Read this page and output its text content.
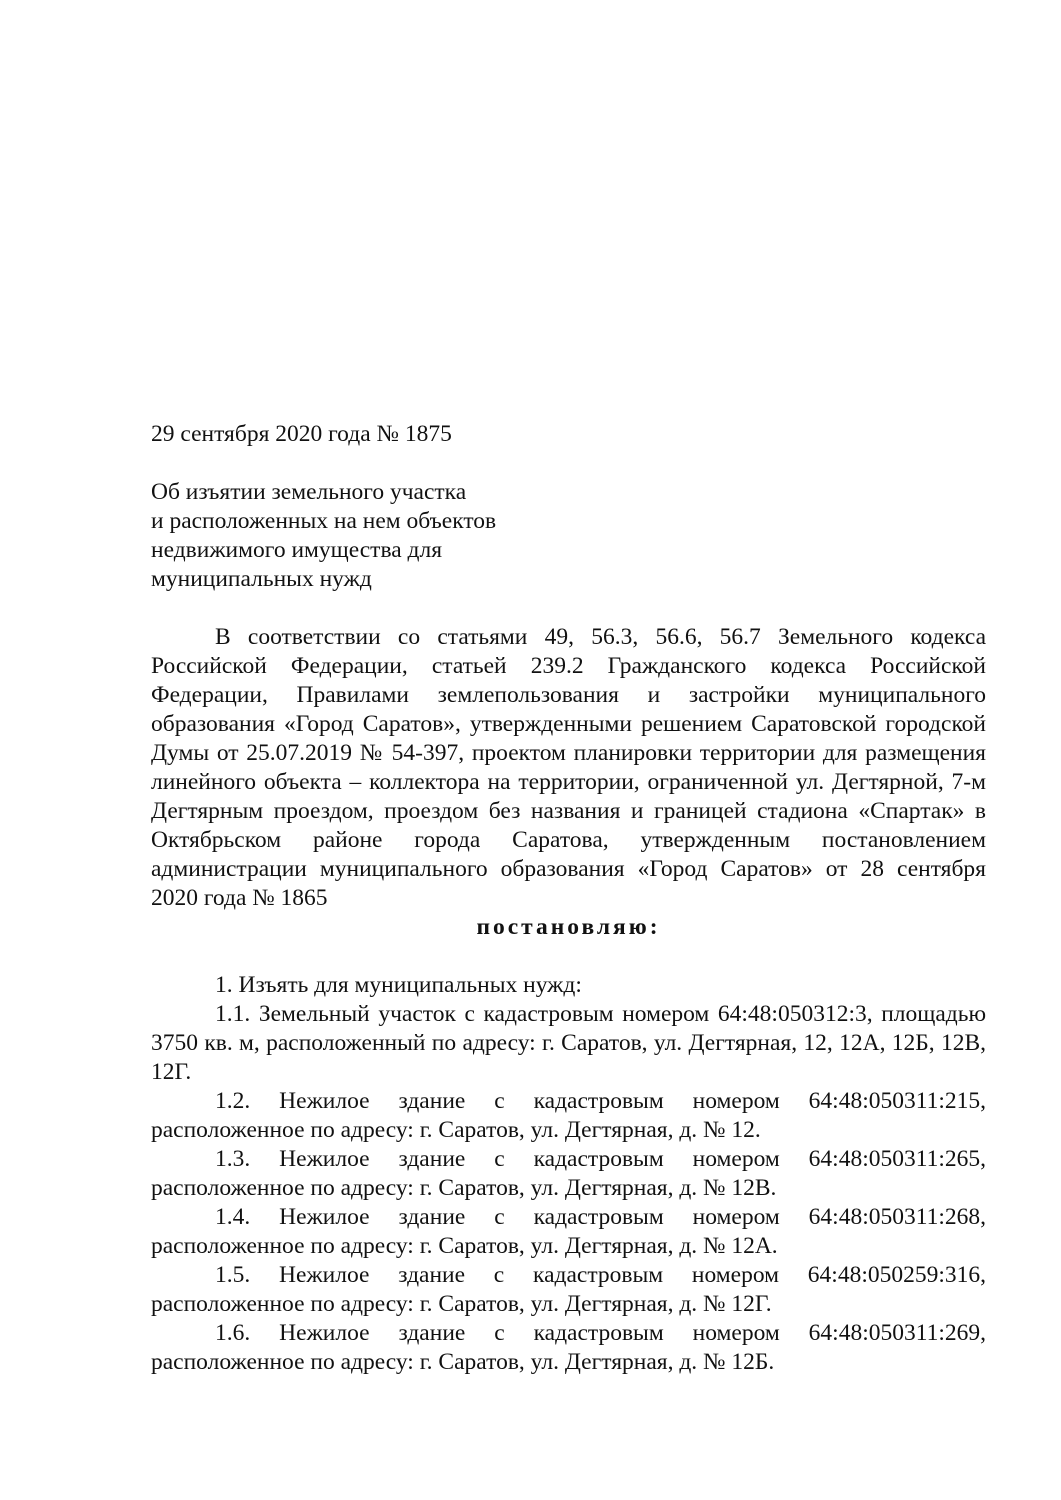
29 сентября 2020 года № 1875

Об изъятии земельного участка
и расположенных на нем объектов
недвижимого имущества для
муниципальных нужд

В соответствии со статьями 49, 56.3, 56.6, 56.7 Земельного кодекса Российской Федерации, статьей 239.2 Гражданского кодекса Российской Федерации, Правилами землепользования и застройки муниципального образования «Город Саратов», утвержденными решением Саратовской городской Думы от 25.07.2019 № 54-397, проектом планировки территории для размещения линейного объекта – коллектора на территории, ограниченной ул. Дегтярной, 7-м Дегтярным проездом, проездом без названия и границей стадиона «Спартак» в Октябрьском районе города Саратова, утвержденным постановлением администрации муниципального образования «Город Саратов» от 28 сентября 2020 года № 1865

постановляю:

1. Изъять для муниципальных нужд:

1.1. Земельный участок с кадастровым номером 64:48:050312:3, площадью 3750 кв. м, расположенный по адресу: г. Саратов, ул. Дегтярная, 12, 12А, 12Б, 12В, 12Г.

1.2. Нежилое здание с кадастровым номером 64:48:050311:215, расположенное по адресу: г. Саратов, ул. Дегтярная, д. № 12.

1.3. Нежилое здание с кадастровым номером 64:48:050311:265, расположенное по адресу: г. Саратов, ул. Дегтярная, д. № 12В.

1.4. Нежилое здание с кадастровым номером 64:48:050311:268, расположенное по адресу: г. Саратов, ул. Дегтярная, д. № 12А.

1.5. Нежилое здание с кадастровым номером 64:48:050259:316, расположенное по адресу: г. Саратов, ул. Дегтярная, д. № 12Г.

1.6. Нежилое здание с кадастровым номером 64:48:050311:269, расположенное по адресу: г. Саратов, ул. Дегтярная, д. № 12Б.
